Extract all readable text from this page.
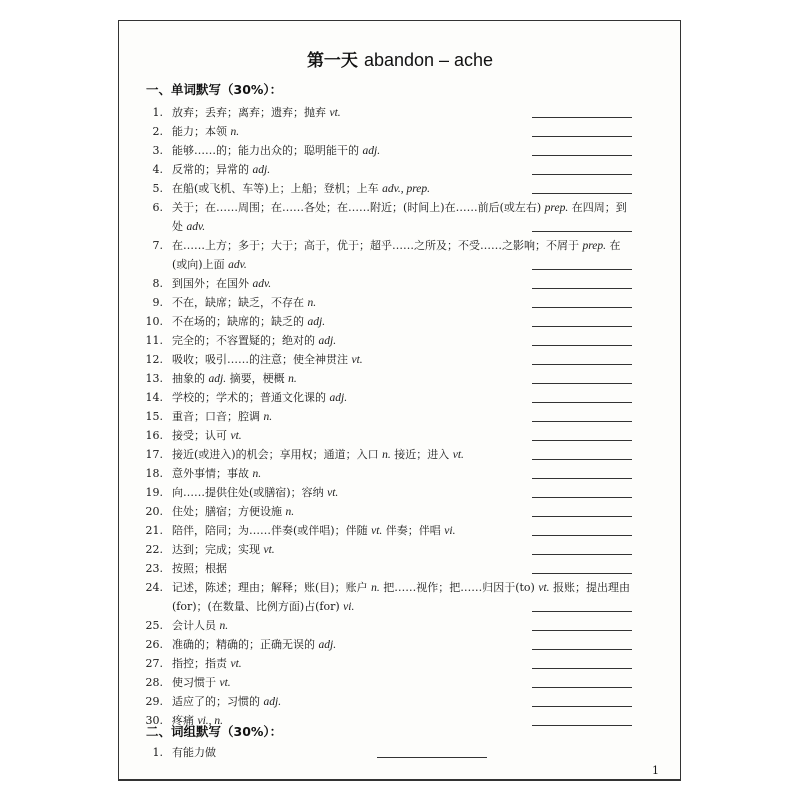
第一天 abandon – ache
一、单词默写（30%）：
1. 放弃；丢弃；离弃；遗弃；抛弃 vt.
2. 能力；本领 n.
3. 能够……的；能力出众的；聪明能干的 adj.
4. 反常的；异常的 adj.
5. 在船(或飞机、车等)上；上船；登机；上车 adv., prep.
6. 关于；在……周围；在……各处；在……附近；(时间上)在……前后(或左右) prep. 在四周；到
处 adv.
7. 在……上方；多于；大于；高于，优于；超乎……之所及；不受……之影响；不屑于 prep. 在
(或向)上面 adv.
8. 到国外；在国外 adv.
9. 不在，缺席；缺乏，不存在 n.
10. 不在场的；缺席的；缺乏的 adj.
11. 完全的；不容置疑的；绝对的 adj.
12. 吸收；吸引……的注意；使全神贯注 vt.
13. 抽象的 adj. 摘要，梗概 n.
14. 学校的；学术的；普通文化课的 adj.
15. 重音；口音；腔调 n.
16. 接受；认可 vt.
17. 接近(或进入)的机会；享用权；通道；入口 n. 接近；进入 vt.
18. 意外事情；事故 n.
19. 向……提供住处(或膳宿)；容纳 vt.
20. 住处；膳宿；方便设施 n.
21. 陪伴，陪同；为……伴奏(或伴唱)；伴随 vt. 伴奏；伴唱 vi.
22. 达到；完成；实现 vt.
23. 按照；根据
24. 记述，陈述；理由；解释；账(目)；账户 n. 把……视作；把……归因于(to) vt. 报账；提出理由
(for)；(在数量、比例方面)占(for) vi.
25. 会计人员 n.
26. 准确的；精确的；正确无误的 adj.
27. 指控；指责 vt.
28. 使习惯于 vt.
29. 适应了的；习惯的 adj.
30. 疼痛 vi., n.
二、词组默写（30%）：
1. 有能力做
1
